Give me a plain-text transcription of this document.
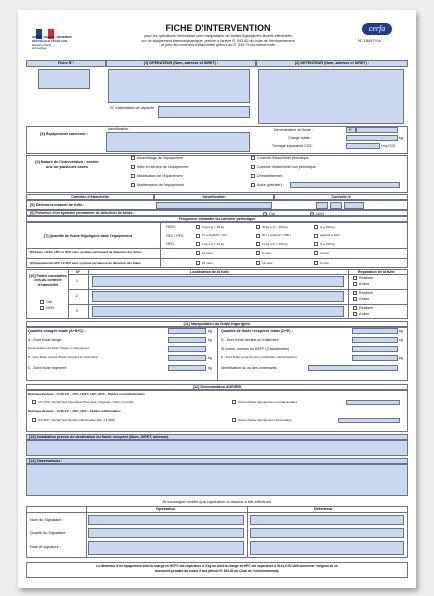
LIBERTÉ • ÉGALITÉ • FRATERNITÉ
RÉPUBLIQUE FRANÇAISE
Ministère chargé
de l'écologie
FICHE D'INTERVENTION
pour les opérations nécessitant une manipulation de fluides frigorigènes fluorés effectuées
sur un équipement thermodynamique, prévue à l'article R. 543-82 du code de l'environnement
et pour les contrôles d'étanchéité prévus au R. 543-79 du même code
cerfa
N° 15497*04
Fiche N°:	[1] OPERATEUR (Nom, adresse et SIRET) :	[2] DETENTEUR (Nom, adresse et SIRET) :
N° d'attestation de capacité :
[3] Équipement concerné :
Identification :	Dénomination du fluide :	R
Charge totale :	kg
Tonnage équivalent CO2 :	t.éq.CO2
[4] Nature de l'intervention : cocher une ou plusieurs cases
Assemblage de l'équipement
Mise en service de l'équipement
Modification de l'équipement
Maintenance de l'équipement
Contrôle d'étanchéité périodique
Contrôle d'étanchéité non périodique
Démantèlement
Autre (préciser) :
Contrôle d'étanchéité	Identification	Contrôle le
[5] Détecteur manuel de fuite :
[6] Présence d'un système permanent de détection de fuites :	OUI	NON
Fréquence minimale du contrôle périodique
[7] Quantité de fluide frigorigène dans l'équipement
HCFC
HFC / PFC
HFO
2 kg ≤ Q < 30 kg	30 kg ≤ Q < 300 kg	Q ≥ 300 kg
5 t ≤ teqCO2 < 50 t	50 t ≤ teqCO2 < 500 t	teqCO2 ≥ 500 t
1 kg ≤ Q < 10 kg	10 kg ≤ Q < 100 kg	Q ≥ 100 kg
[8] Equip. HCFC, HFC et HFO sans système permanent de détection des fuites	12 mois	6 mois	3 mois
[9] Equipements HFC et HFO avec système permanent de détection des fuites	24 mois	12 mois	6 mois
[10] Fuites constatées lors du contrôle d'étanchéité
OUI
NON
N°	Localisation de la fuite	Réparation de la fuite
1
Réalisée
A faire
2
Réalisée
A faire
3
Réalisée
A faire
[11] Manipulation du fluide frigorigène
Quantité chargée totale (A+B+C) :	kg
A - Dont fluide vierge :	kg
Dénomination du fluide chargé si changement :
B - Dont fluide recyclé (fluide récupéré et réintroduit) :	kg
C - Dont fluide régénéré :	kg
Quantité de fluide récupérée totale (D+E) :	kg
D - Dont fluide destiné au traitement	kg
Si connu, numéro du BSFF (Trackdéchets)
E - Dont fluide conservé pour réutilisation (réintroduction)	kg
Identification du ou des contenants :
[12] Dénomination ADR/RID
Rubrique Déchets : 14 06 01* – CFC, HCFC, HFC, HFO – Fluides non-inflammables
UN 1078, Déchet Gaz frigorifique NSA (Gaz réfrigérant, NSA), 2.2 (C/E)	Autres fluides frigorigènes non-inflammables :
Rubrique Déchets : 14 06 01* – HFC, HFO – Fluides inflammables
UN 3161, Déchet Gaz liquéfié inflammable NSA, 2.1 (B/D)	Autres fluides frigorigènes inflammables :
[13] Installation prévue de destination du fluide récupéré (Nom, SIRET, adresse)
[14] Observations :
Je soussigné certifie que l'opération ci-dessus a été effectuée.
Opérateur	Détenteur
Nom du Signataire :
Qualité du Signataire :
Date et signature :
Le détenteur d'un équipement dont la charge en HCFC est supérieure à 3 kg ou dont la charge en HFC est supérieure à 5t eq CO2 doit conserver l'original de ce
document pendant au moins 5 ans (article R. 543-82 du Code de l'environnement).
